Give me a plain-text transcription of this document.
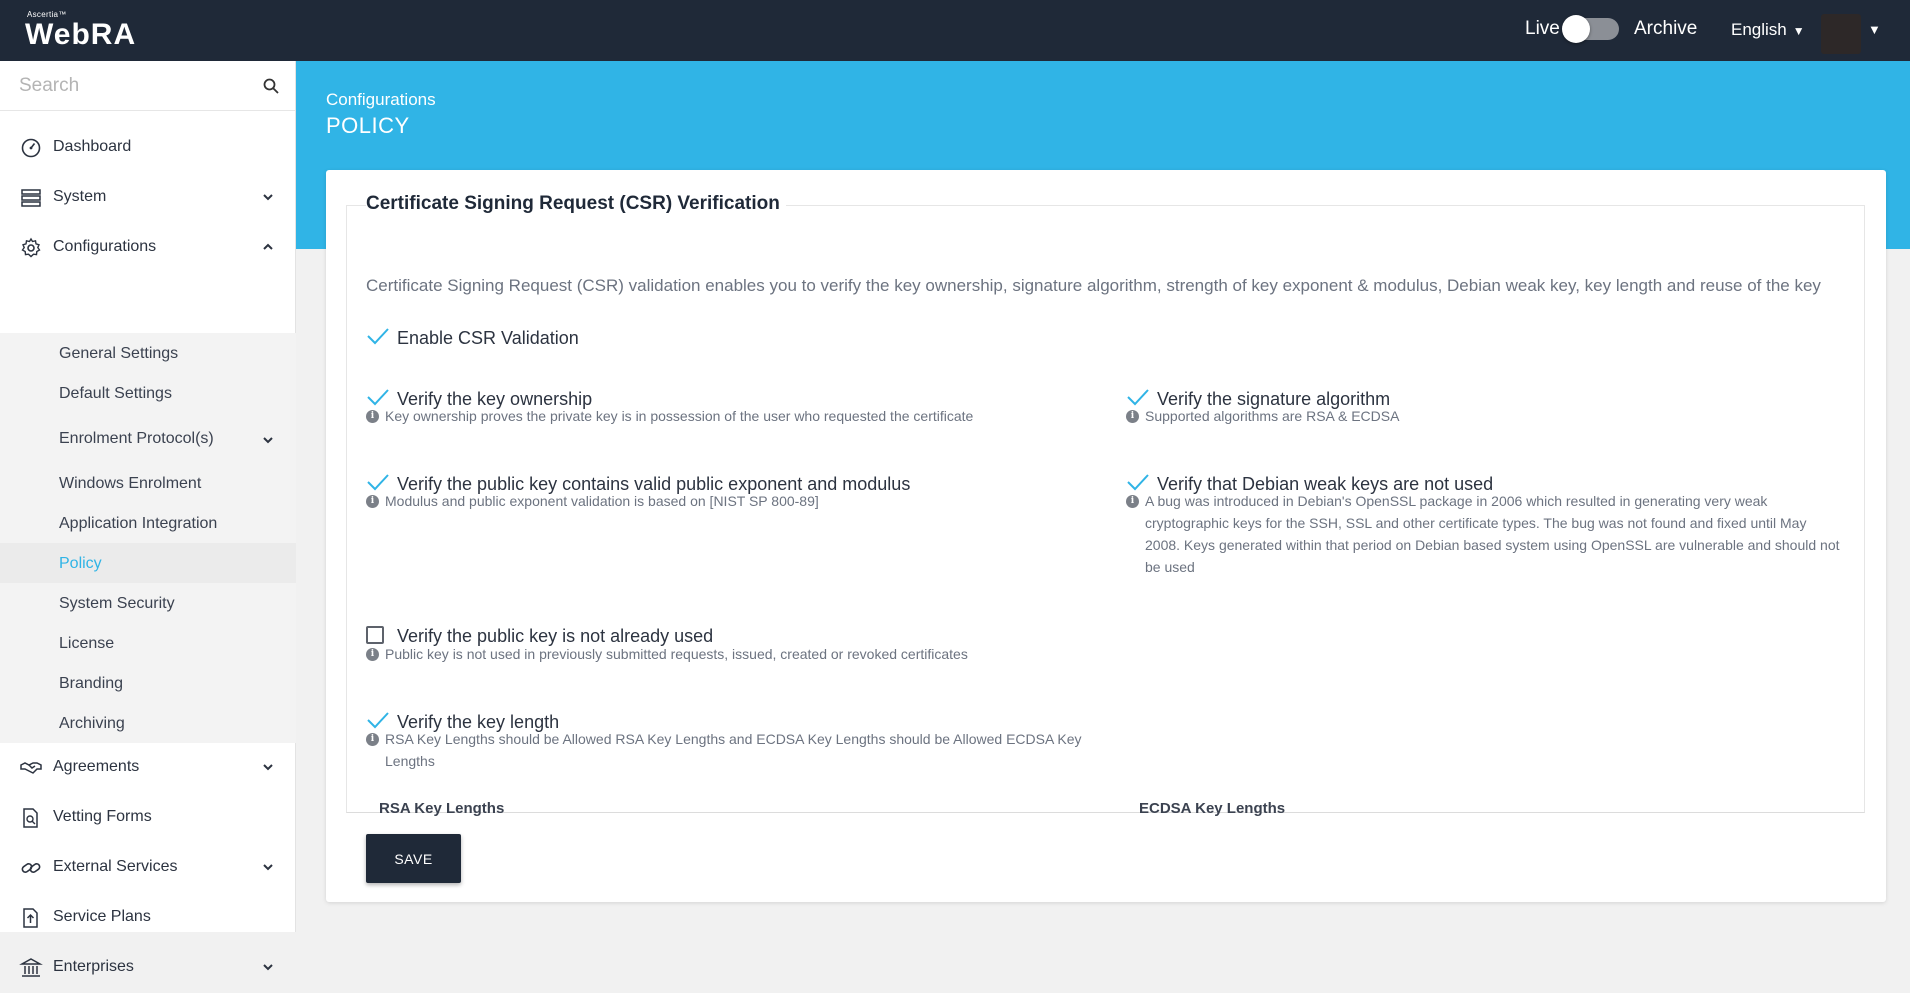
Ascertia™
WebRA	Live	Archive English ▼	▼
Search
Dashboard
System
Configurations
General Settings
Default Settings
Enrolment Protocol(s)
Windows Enrolment
Application Integration
Policy
System Security
License
Branding
Archiving
Agreements
Vetting Forms
External Services
Service Plans
Enterprises
Configurations
POLICY
Certificate Signing Request (CSR) validation enables you to verify the key ownership, signature algorithm, strength of key exponent & modulus, Debian weak key, key length and reuse of the key
Enable CSR Validation
Verify the key ownership
i Key ownership proves the private key is in possession of the user who requested the certificate
Verify the signature algorithm
i Supported algorithms are RSA & ECDSA
Verify the public key contains valid public exponent and modulus
i Modulus and public exponent validation is based on [NIST SP 800-89]
Verify that Debian weak keys are not used
i A bug was introduced in Debian's OpenSSL package in 2006 which resulted in generating very weak cryptographic keys for the SSH, SSL and other certificate types. The bug was not found and fixed until May 2008. Keys generated within that period on Debian based system using OpenSSL are vulnerable and should not be used
Verify the public key is not already used
i Public key is not used in previously submitted requests, issued, created or revoked certificates
Verify the key length
i RSA Key Lengths should be Allowed RSA Key Lengths and ECDSA Key Lengths should be Allowed ECDSA Key Lengths
RSA Key Lengths	ECDSA Key Lengths
Certificate Signing Request (CSR) Verification
SAVE
